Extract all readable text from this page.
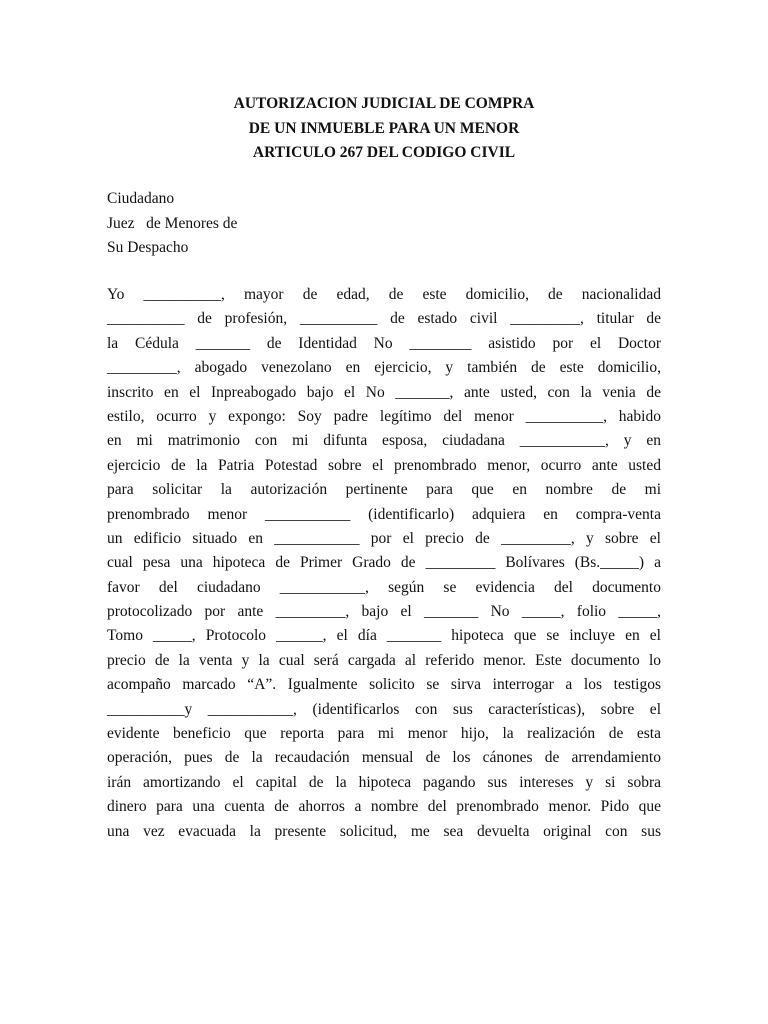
AUTORIZACION JUDICIAL DE COMPRA
DE UN INMUEBLE PARA UN MENOR
ARTICULO 267 DEL CODIGO CIVIL
Ciudadano
Juez   de Menores de
Su Despacho
Yo __________, mayor de edad, de este domicilio, de nacionalidad
__________ de profesión, __________ de estado civil _________, titular de
la Cédula _______ de Identidad No ________ asistido por el Doctor
_________, abogado venezolano en ejercicio, y también de este domicilio,
inscrito en el Inpreabogado bajo el No _______, ante usted, con la venia de
estilo, ocurro y expongo: Soy padre legítimo del menor __________, habido
en mi matrimonio con mi difunta esposa, ciudadana ___________, y en
ejercicio de la Patria Potestad sobre el prenombrado menor, ocurro ante usted
para solicitar la autorización pertinente para que en nombre de mi
prenombrado menor ___________ (identificarlo) adquiera en compra-venta
un edificio situado en ___________ por el precio de _________, y sobre el
cual pesa una hipoteca de Primer Grado de _________ Bolívares (Bs._____) a
favor del ciudadano ___________, según se evidencia del documento
protocolizado por ante _________, bajo el _______ No _____, folio _____,
Tomo _____, Protocolo ______, el día _______ hipoteca que se incluye en el
precio de la venta y la cual será cargada al referido menor. Este documento lo
acompaño marcado “A”. Igualmente solicito se sirva interrogar a los testigos
__________y ___________, (identificarlos con sus características), sobre el
evidente beneficio que reporta para mi menor hijo, la realización de esta
operación, pues de la recaudación mensual de los cánones de arrendamiento
irán amortizando el capital de la hipoteca pagando sus intereses y si sobra
dinero para una cuenta de ahorros a nombre del prenombrado menor. Pido que
una vez evacuada la presente solicitud, me sea devuelta original con sus
